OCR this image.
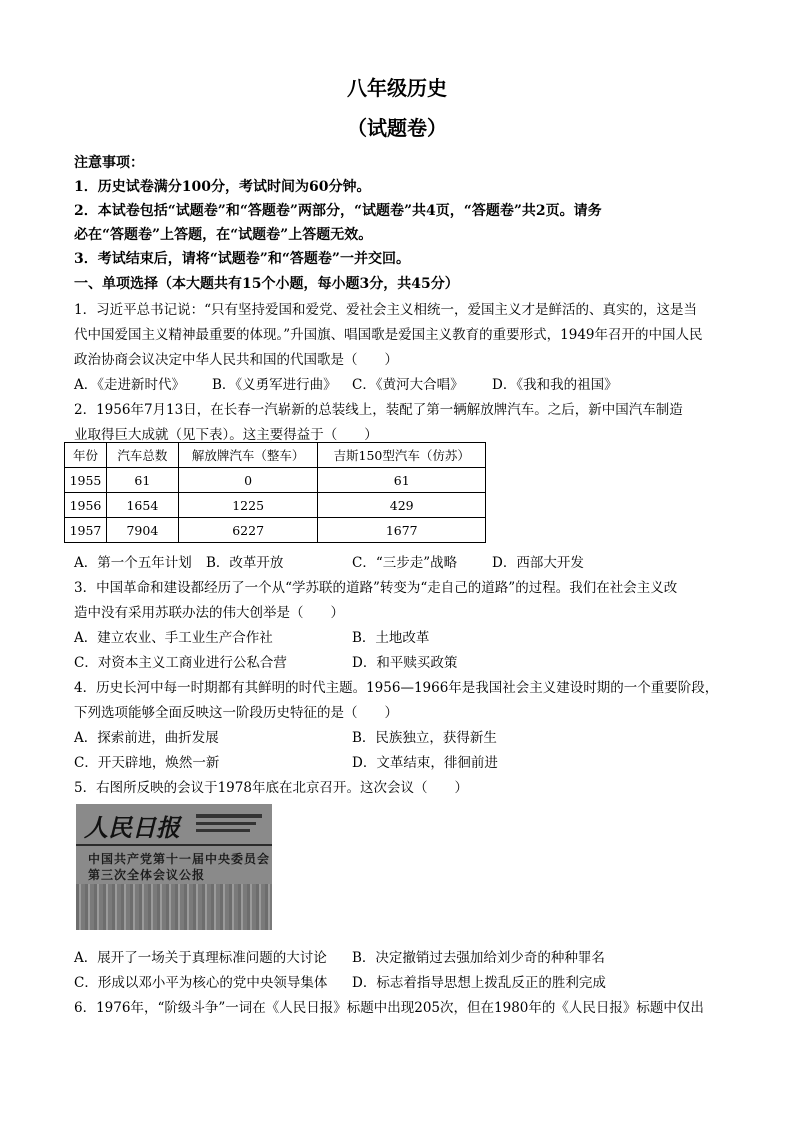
八年级历史
（试题卷）
注意事项：
1．历史试卷满分100分，考试时间为60分钟。
2．本试卷包括“试题卷”和“答题卷”两部分，“试题卷”共4页，“答题卷”共2页。请务
必在“答题卷”上答题，在“试题卷”上答题无效。
3．考试结束后，请将“试题卷”和“答题卷”一并交回。
一、单项选择（本大题共有15个小题，每小题3分，共45分）
1．习近平总书记说：“只有坚持爱国和爱党、爱社会主义相统一，爱国主义才是鲜活的、真实的，这是当
代中国爱国主义精神最重要的体现。”升国旗、唱国歌是爱国主义教育的重要形式，1949年召开的中国人民
政治协商会议决定中华人民共和国的代国歌是（　　）
A．《走进新时代》 B．《义勇军进行曲》 C．《黄河大合唱》 D．《我和我的祖国》
2．1956年7月13日，在长春一汽崭新的总装线上，装配了第一辆解放牌汽车。之后，新中国汽车制造
业取得巨大成就（见下表）。这主要得益于（　　）
年份	汽车总数	解放牌汽车（整车）	吉斯150型汽车（仿苏）
1955	61	0	61
1956	1654	1225	429
1957	7904	6227	1677
A．第一个五年计划 B．改革开放	C．“三步走”战略	D．西部大开发
3．中国革命和建设都经历了一个从“学苏联的道路”转变为“走自己的道路”的过程。我们在社会主义改
造中没有采用苏联办法的伟大创举是（　　）
A．建立农业、手工业生产合作社	B．土地改革
C．对资本主义工商业进行公私合营	D．和平赎买政策
4．历史长河中每一时期都有其鲜明的时代主题。1956—1966年是我国社会主义建设时期的一个重要阶段，
下列选项能够全面反映这一阶段历史特征的是（　　）
A．探索前进，曲折发展	B．民族独立，获得新生
C．开天辟地，焕然一新	D．文革结束，徘徊前进
5．右图所反映的会议于1978年底在北京召开。这次会议（　　）
人民日报
中国共产党第十一届中央委员会
第三次全体会议公报
A．展开了一场关于真理标准问题的大讨论 B．决定撤销过去强加给刘少奇的种种罪名
C．形成以邓小平为核心的党中央领导集体 D．标志着指导思想上拨乱反正的胜利完成
6．1976年，“阶级斗争”一词在《人民日报》标题中出现205次，但在1980年的《人民日报》标题中仅出
